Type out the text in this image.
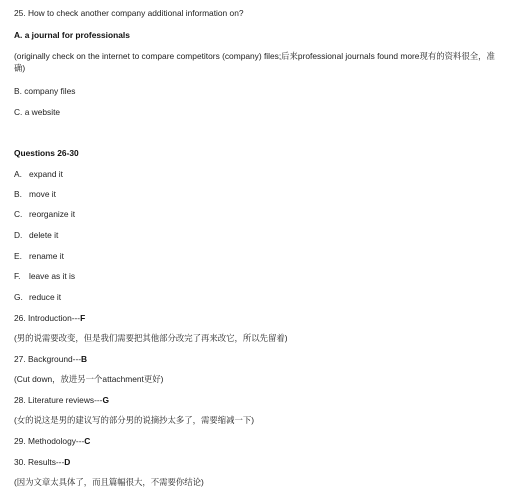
25. How to check another company additional information on?
A. a journal for professionals
(originally check on the internet to compare competitors (company) files;后来professional journals found more现有的资料很全，准确)
B. company files
C. a website
Questions 26-30
A. expand it
B. move it
C. reorganize it
D. delete it
E. rename it
F. leave as it is
G. reduce it
26. Introduction---F
(男的说需要改变，但是我们需要把其他部分改完了再来改它，所以先留着)
27. Background---B
(Cut down，放进另一个attachment更好)
28. Literature reviews---G
(女的说这是男的建议写的部分男的说摘抄太多了，需要缩减一下)
29. Methodology---C
30. Results---D
(因为文章太具体了，而且篇幅很大，不需要你结论)
